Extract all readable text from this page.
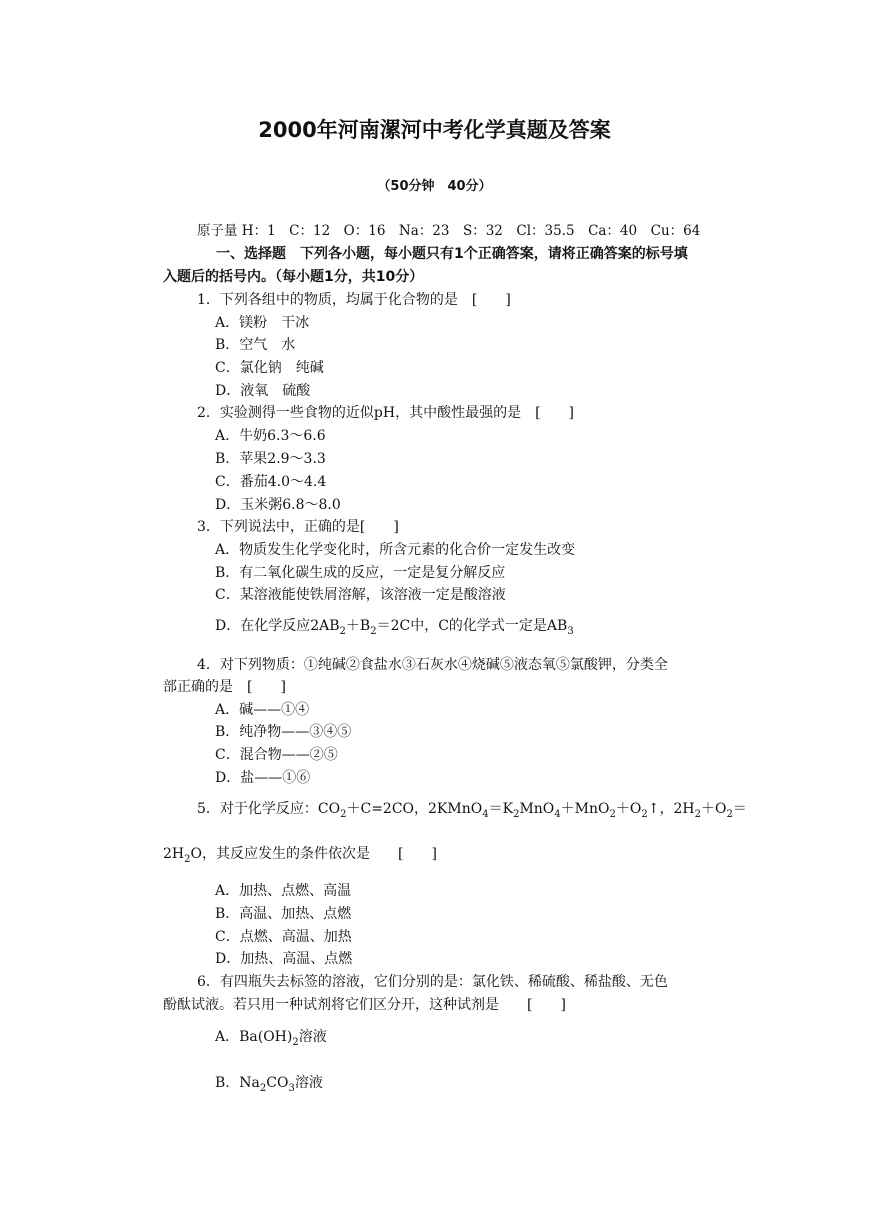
2000年河南漯河中考化学真题及答案
（50分钟　40分）
原子量 H：1　C：12　O：16　Na：23　S：32　Cl：35.5　Ca：40　Cu：64
一、选择题　下列各小题，每小题只有1个正确答案，请将正确答案的标号填
入题后的括号内。（每小题1分，共10分）
1．下列各组中的物质，均属于化合物的是　[　　]
A．镁粉　干冰
B．空气　水
C．氯化钠　纯碱
D．液氧　硫酸
2．实验测得一些食物的近似pH，其中酸性最强的是　[　　]
A．牛奶6.3～6.6
B．苹果2.9～3.3
C．番茄4.0～4.4
D．玉米粥6.8～8.0
3．下列说法中，正确的是[　　]
A．物质发生化学变化时，所含元素的化合价一定发生改变
B．有二氧化碳生成的反应，一定是复分解反应
C．某溶液能使铁屑溶解，该溶液一定是酸溶液
D．在化学反应$2AB_2+B_2=2C$中，C的化学式一定是$AB_3$
4．对下列物质：①纯碱②食盐水③石灰水④烧碱⑤液态氧⑤氯酸钾，分类全
部正确的是　[　　]
A．碱——①④
B．纯净物——③④⑤
C．混合物——②⑤
D．盐——①⑥
5．对于化学反应：$CO_2+C=2CO$，$2KMnO_4=K_2MnO_4+MnO_2+O_2↑$，$2H_2+O_2=$
$2H_2O$，其反应发生的条件依次是　　[　　]
A．加热、点燃、高温
B．高温、加热、点燃
C．点燃、高温、加热
D．加热、高温、点燃
6．有四瓶失去标签的溶液，它们分别的是：氯化铁、稀硫酸、稀盐酸、无色
酚酞试液。若只用一种试剂将它们区分开，这种试剂是　　[　　]
A．$Ba(OH)_2$溶液
B．$Na_2CO_3$溶液
